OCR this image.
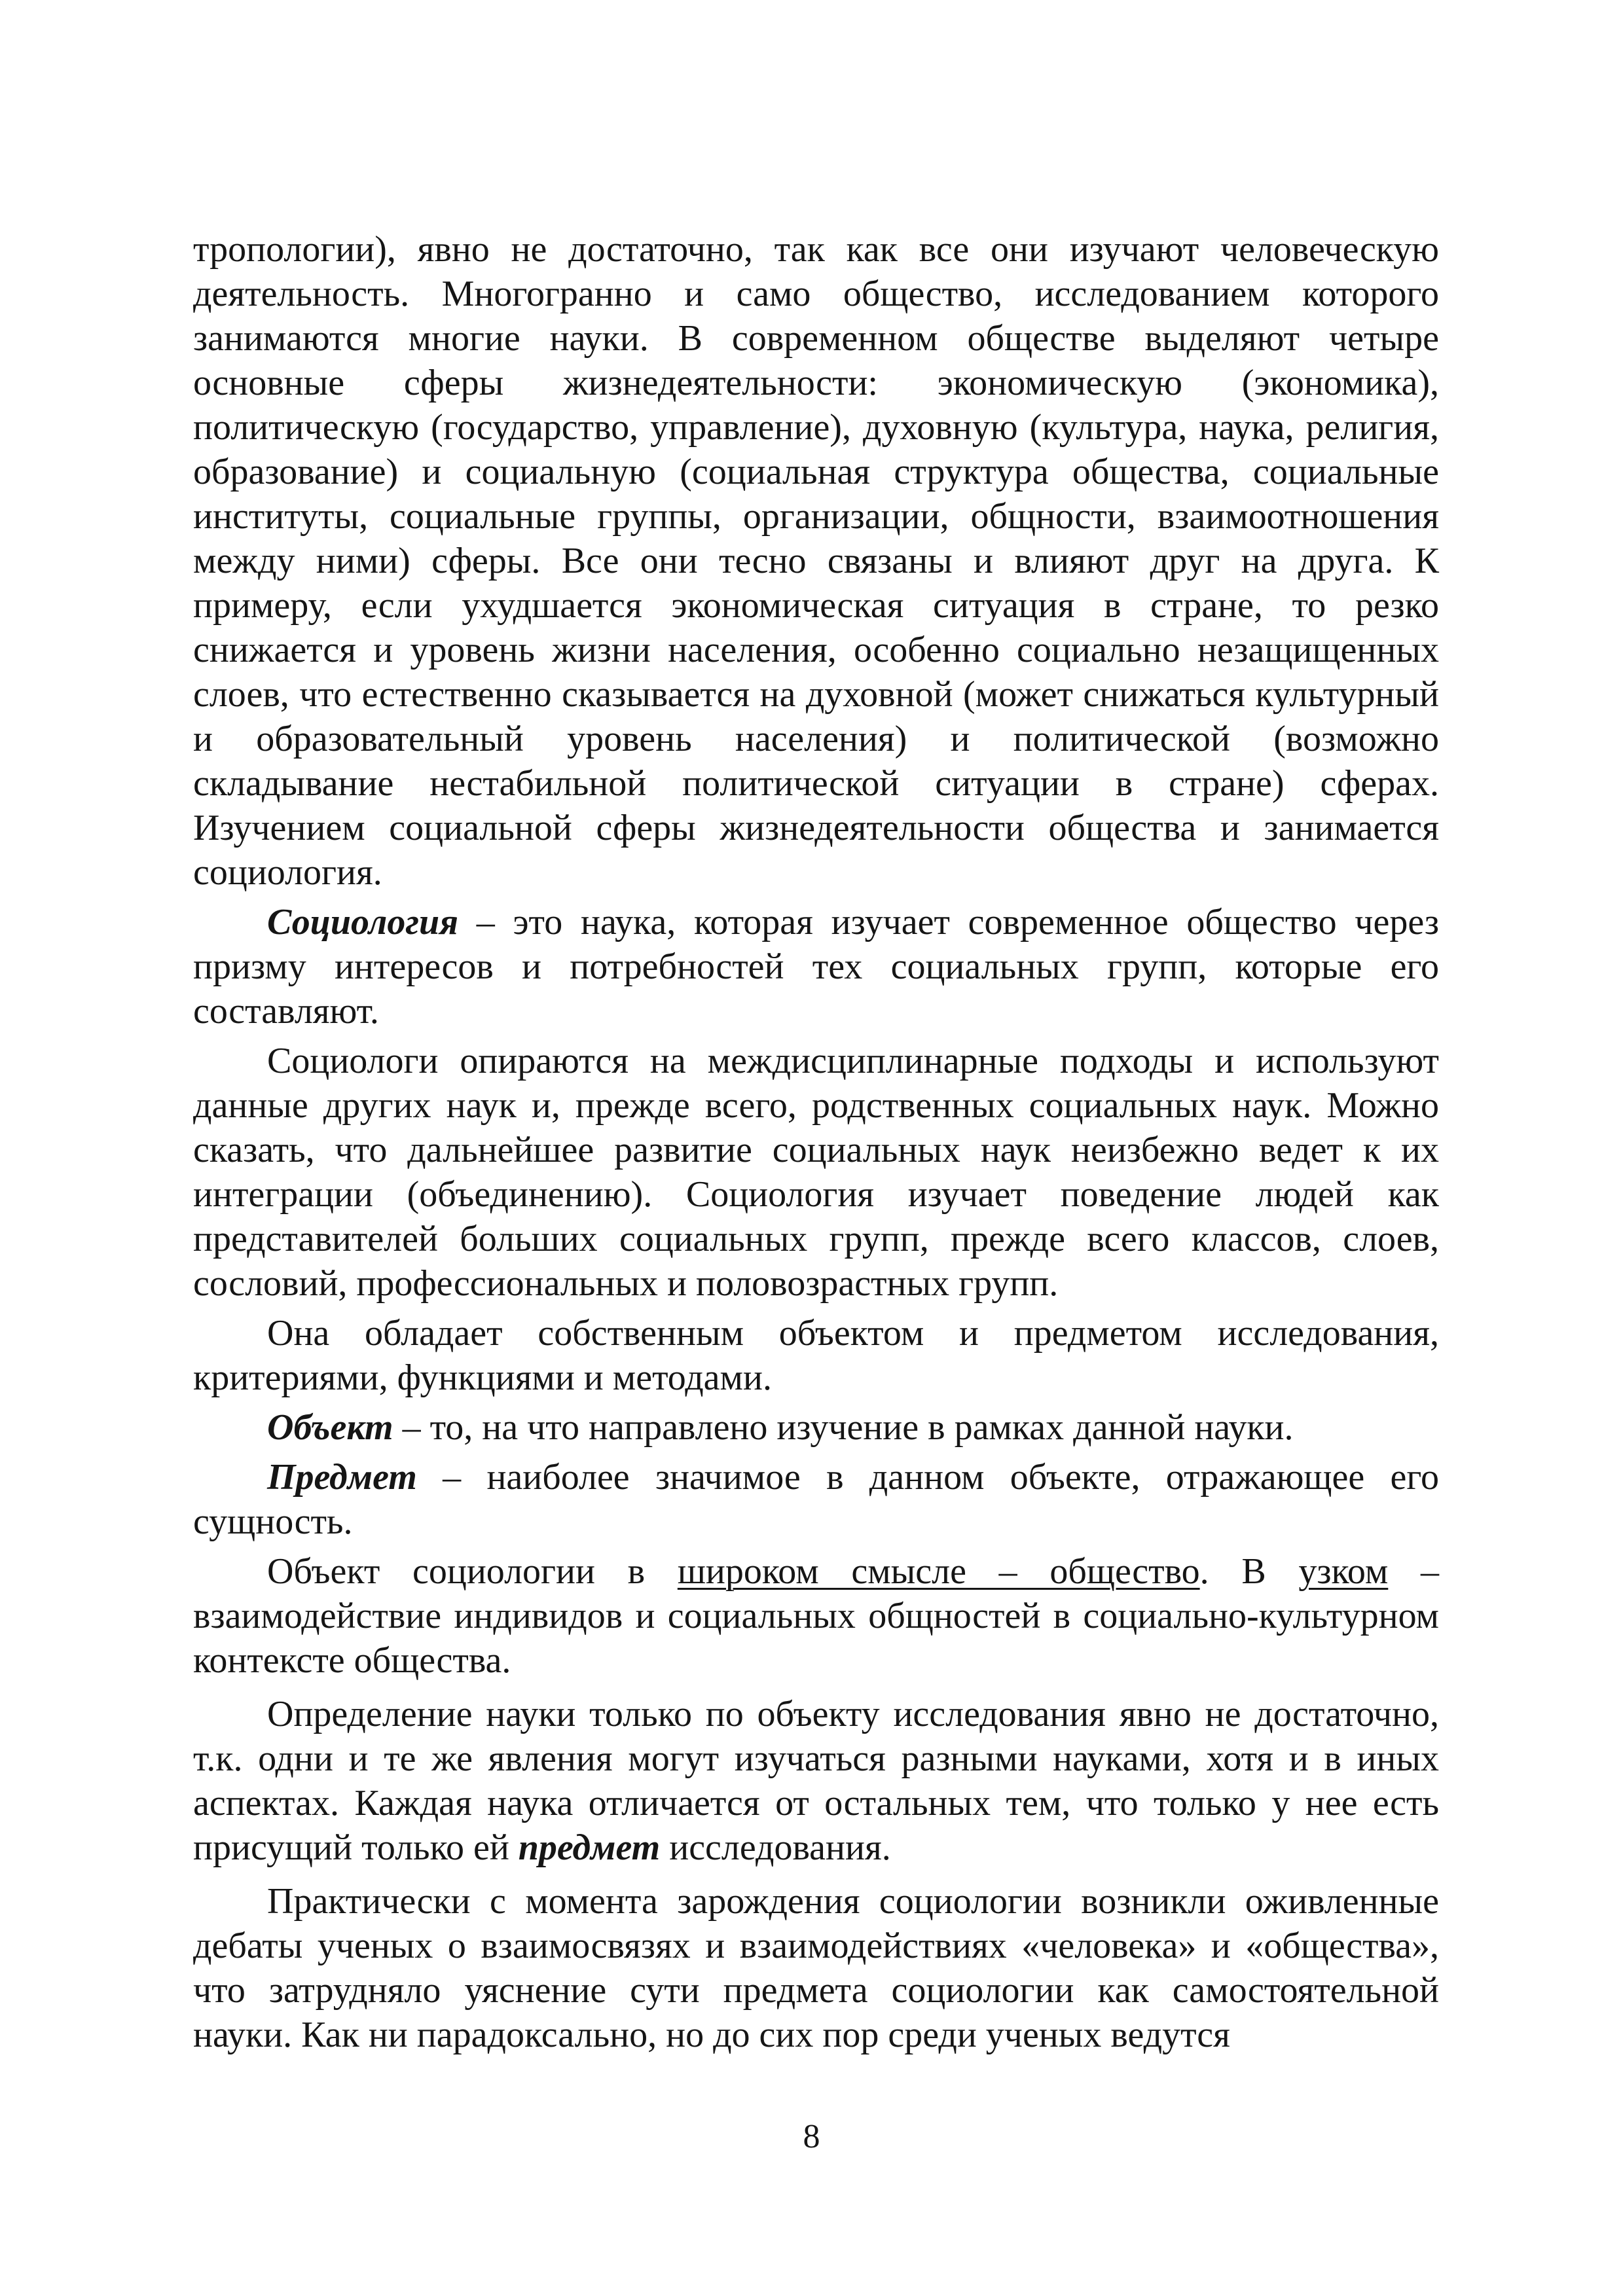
тропологии), явно не достаточно, так как все они изучают человеческую деятельность. Многогранно и само общество, исследованием которого занимаются многие науки. В современном обществе выделяют четыре основные сферы жизнедеятельности: экономическую (экономика), политическую (государство, управление), духовную (культура, наука, религия, образование) и социальную (социальная структура общества, социальные институты, социальные группы, организации, общности, взаимоотношения между ними) сферы. Все они тесно связаны и влияют друг на друга. К примеру, если ухудшается экономическая ситуация в стране, то резко снижается и уровень жизни населения, особенно социально незащищенных слоев, что естественно сказывается на духовной (может снижаться культурный и образовательный уровень населения) и политической (возможно складывание нестабильной политической ситуации в стране) сферах. Изучением социальной сферы жизнедеятельности общества и занимается социология.

Социология – это наука, которая изучает современное общество через призму интересов и потребностей тех социальных групп, которые его составляют.

Социологи опираются на междисциплинарные подходы и используют данные других наук и, прежде всего, родственных социальных наук. Можно сказать, что дальнейшее развитие социальных наук неизбежно ведет к их интеграции (объединению). Социология изучает поведение людей как представителей больших социальных групп, прежде всего классов, слоев, сословий, профессиональных и половозрастных групп.

Она обладает собственным объектом и предметом исследования, критериями, функциями и методами.

Объект – то, на что направлено изучение в рамках данной науки.

Предмет – наиболее значимое в данном объекте, отражающее его сущность.

Объект социологии в широком смысле – общество. В узком – взаимодействие индивидов и социальных общностей в социально-культурном контексте общества.

Определение науки только по объекту исследования явно не достаточно, т.к. одни и те же явления могут изучаться разными науками, хотя и в иных аспектах. Каждая наука отличается от остальных тем, что только у нее есть присущий только ей предмет исследования.

Практически с момента зарождения социологии возникли оживленные дебаты ученых о взаимосвязях и взаимодействиях «человека» и «общества», что затрудняло уяснение сути предмета социологии как самостоятельной науки. Как ни парадоксально, но до сих пор среди ученых ведутся

8
